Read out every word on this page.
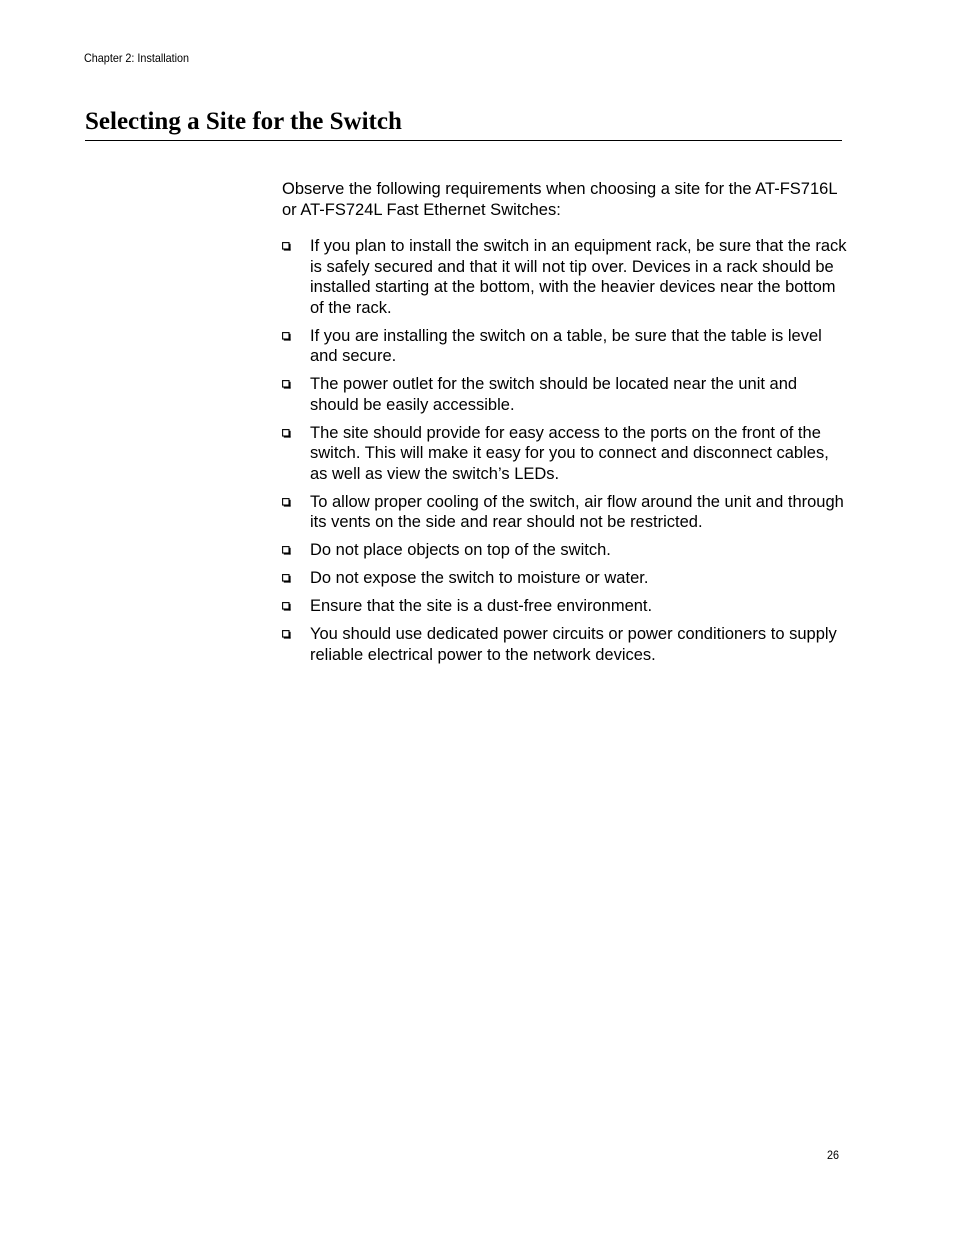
Chapter 2: Installation
Selecting a Site for the Switch

Observe the following requirements when choosing a site for the AT-FS716L or AT-FS724L Fast Ethernet Switches:

If you plan to install the switch in an equipment rack, be sure that the rack is safely secured and that it will not tip over. Devices in a rack should be installed starting at the bottom, with the heavier devices near the bottom of the rack.
If you are installing the switch on a table, be sure that the table is level and secure.
The power outlet for the switch should be located near the unit and should be easily accessible.
The site should provide for easy access to the ports on the front of the switch. This will make it easy for you to connect and disconnect cables, as well as view the switch’s LEDs.
To allow proper cooling of the switch, air flow around the unit and through its vents on the side and rear should not be restricted.
Do not place objects on top of the switch.
Do not expose the switch to moisture or water.
Ensure that the site is a dust-free environment.
You should use dedicated power circuits or power conditioners to supply reliable electrical power to the network devices.
26
